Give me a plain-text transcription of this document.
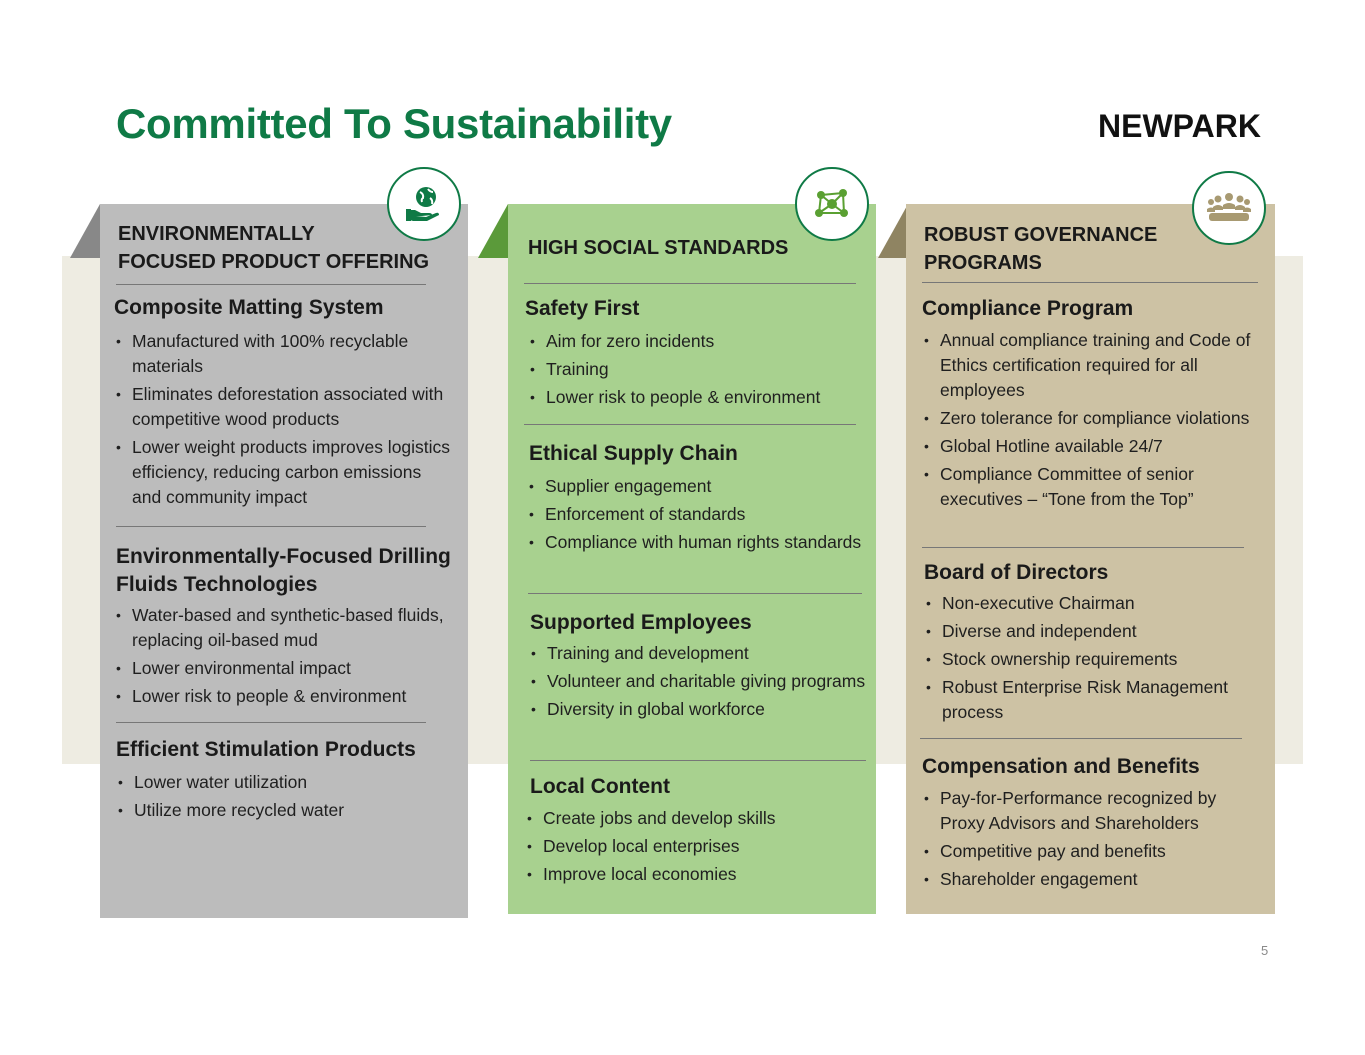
Committed To Sustainability	NEWPARK
ENVIRONMENTALLY
FOCUSED PRODUCT OFFERING
Composite Matting System
• Manufactured with 100% recyclable materials
• Eliminates deforestation associated with competitive wood products
• Lower weight products improves logistics efficiency, reducing carbon emissions and community impact
Environmentally-Focused Drilling
Fluids Technologies
• Water-based and synthetic-based fluids, replacing oil-based mud
• Lower environmental impact
• Lower risk to people & environment
Efficient Stimulation Products
• Lower water utilization
• Utilize more recycled water
HIGH SOCIAL STANDARDS
Safety First
• Aim for zero incidents
• Training
• Lower risk to people & environment
Ethical Supply Chain
• Supplier engagement
• Enforcement of standards
• Compliance with human rights standards
Supported Employees
• Training and development
• Volunteer and charitable giving programs
• Diversity in global workforce
Local Content
• Create jobs and develop skills
• Develop local enterprises
• Improve local economies
ROBUST GOVERNANCE
PROGRAMS
Compliance Program
• Annual compliance training and Code of Ethics certification required for all employees
• Zero tolerance for compliance violations
• Global Hotline available 24/7
• Compliance Committee of senior executives – “Tone from the Top”
Board of Directors
• Non-executive Chairman
• Diverse and independent
• Stock ownership requirements
• Robust Enterprise Risk Management process
Compensation and Benefits
• Pay-for-Performance recognized by Proxy Advisors and Shareholders
• Competitive pay and benefits
• Shareholder engagement
5
